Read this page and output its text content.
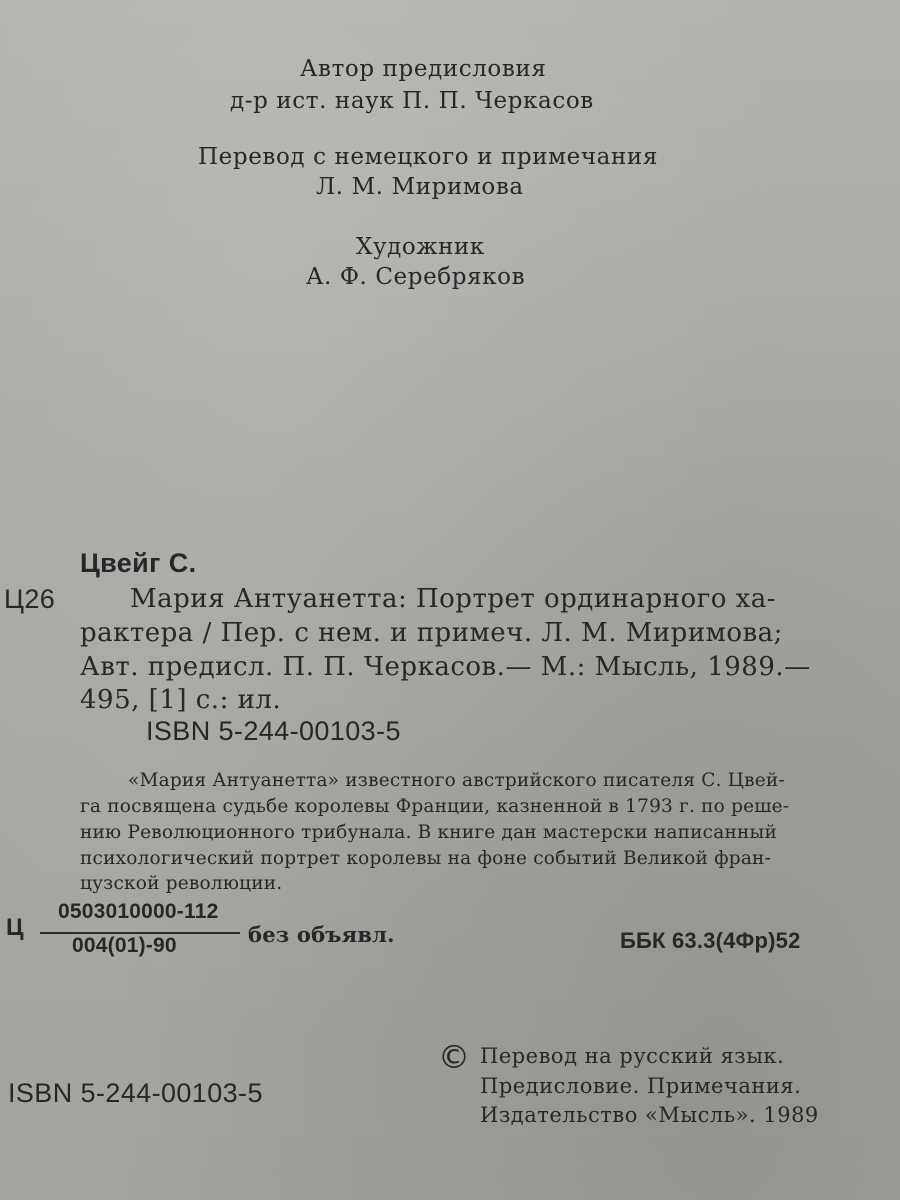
Автор предисловия
д-р ист. наук П. П. Черкасов
Перевод с немецкого и примечания
Л. М. Миримова
Художник
А. Ф. Серебряков
Цвейг С.
Ц26	Мария Антуанетта: Портрет ординарного ха-
рактера / Пер. с нем. и примеч. Л. М. Миримова;
Авт. предисл. П. П. Черкасов.— М.: Мысль, 1989.—
495, [1] с.: ил.
ISBN 5-244-00103-5
«Мария Антуанетта» известного австрийского писателя С. Цвей-
га посвящена судьбе королевы Франции, казненной в 1793 г. по реше-
нию Революционного трибунала. В книге дан мастерски написанный
психологический портрет королевы на фоне событий Великой фран-
цузской революции.
Ц
0503010000-112
004(01)-90	без объявл.	ББК 63.3(4Фр)52
© Перевод на русский язык.
Предисловие. Примечания.
Издательство «Мысль». 1989
ISBN 5-244-00103-5
